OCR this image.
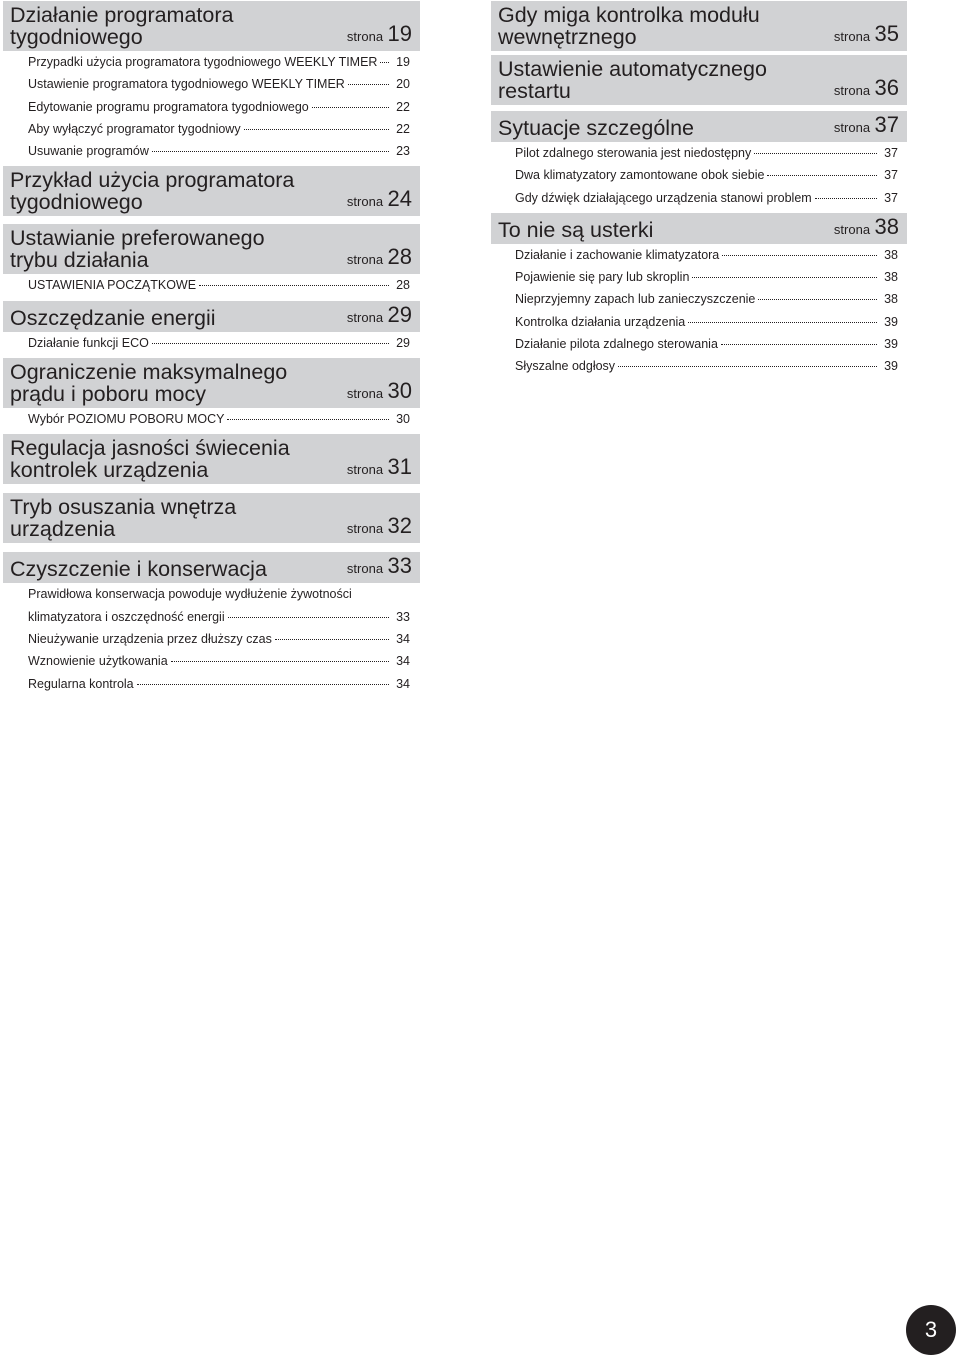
Działanie programatora
tygodniowego	strona 19
Przypadki użycia programatora tygodniowego WEEKLY TIMER	19
Ustawienie programatora tygodniowego WEEKLY TIMER	20
Edytowanie programu programatora tygodniowego	22
Aby wyłączyć programator tygodniowy	22
Usuwanie programów	23
Przykład użycia programatora
tygodniowego	strona 24
Ustawianie preferowanego
trybu działania	strona 28
USTAWIENIA POCZĄTKOWE	28
Oszczędzanie energii	strona 29
Działanie funkcji ECO	29
Ograniczenie maksymalnego
prądu i poboru mocy	strona 30
Wybór POZIOMU POBORU MOCY	30
Regulacja jasności świecenia
kontrolek urządzenia	strona 31
Tryb osuszania wnętrza
urządzenia	strona 32
Czyszczenie i konserwacja	strona 33
Prawidłowa konserwacja powoduje wydłużenie żywotności
klimatyzatora i oszczędność energii	33
Nieużywanie urządzenia przez dłuższy czas	34
Wznowienie użytkowania	34
Regularna kontrola	34
Gdy miga kontrolka modułu
wewnętrznego	strona 35
Ustawienie automatycznego
restartu	strona 36
Sytuacje szczególne	strona 37
Pilot zdalnego sterowania jest niedostępny	37
Dwa klimatyzatory zamontowane obok siebie	37
Gdy dźwięk działającego urządzenia stanowi problem	37
To nie są usterki	strona 38
Działanie i zachowanie klimatyzatora	38
Pojawienie się pary lub skroplin	38
Nieprzyjemny zapach lub zanieczyszczenie	38
Kontrolka działania urządzenia	39
Działanie pilota zdalnego sterowania	39
Słyszalne odgłosy	39
3
